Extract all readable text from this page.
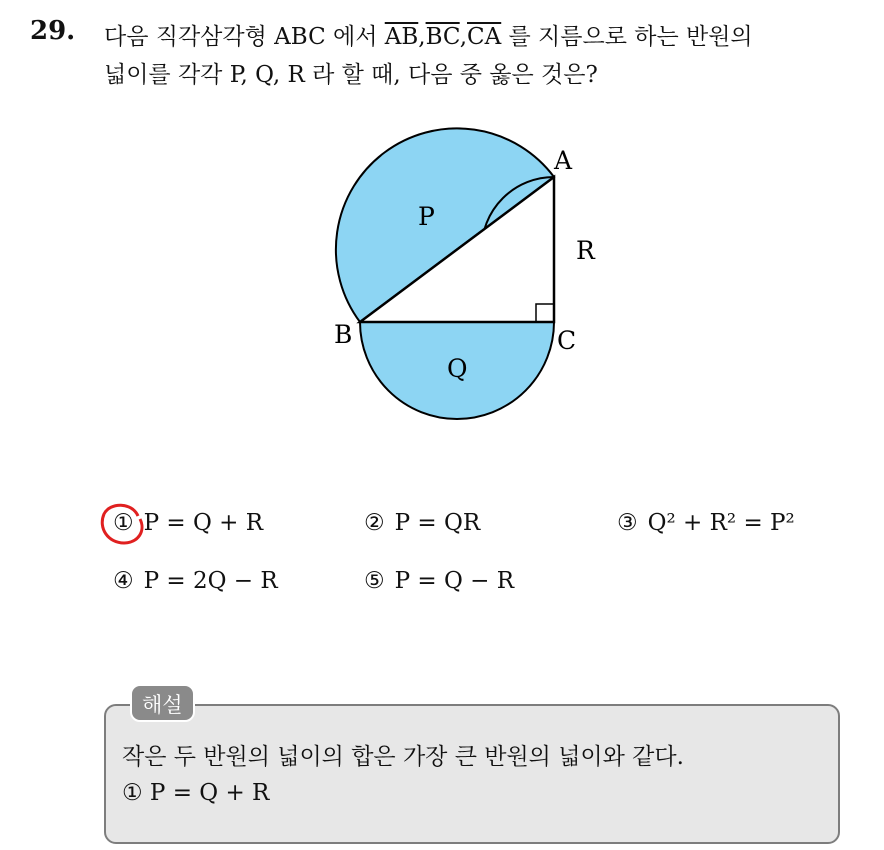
29. 다음 직각삼각형 ABC 에서 $\overline{AB},\overline{BC},\overline{CA}$ 를 지름으로 하는 반원의
넓이를 각각 P, Q, R 라 할 때, 다음 중 옳은 것은?
A
B	C
P
R
Q
① P = Q + R	② P = QR	③ Q² + R² = P²
④ P = 2Q − R	⑤ P = Q − R
해설
작은 두 반원의 넓이의 합은 가장 큰 반원의 넓이와 같다.
① P = Q + R
